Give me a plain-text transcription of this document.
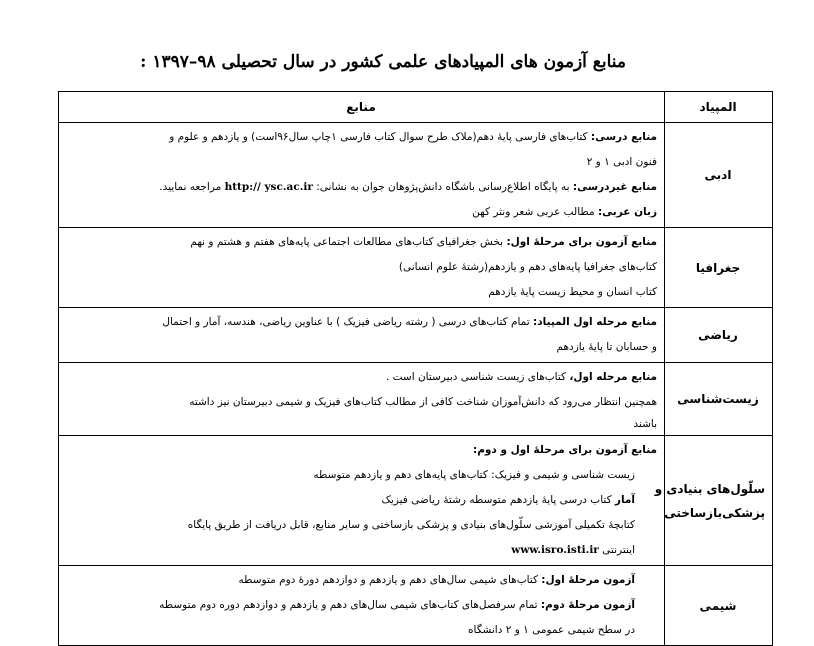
منابع آزمون های المپیادهای علمی کشور در سال تحصیلی ۹۸–۱۳۹۷ :
المپیاد	منابع
ادبی	منابع درسی: کتاب‌های فارسی پایهٔ دهم(ملاک طرح سوال کتاب فارسی ۱چاپ سال۹۶است) و یازدهم و علوم و
فنون ادبی ۱ و ۲
منابع غیردرسی: به پایگاه اطلاع‌رسانی باشگاه دانش‌پژوهان جوان به نشانی: http:// ysc.ac.ir مراجعه نمایید.
زبان عربی: مطالب عربی شعر ونثر کهن

جغرافیا	منابع آزمون برای مرحلهٔ اول: بخش جغرافیای کتاب‌های مطالعات اجتماعی پایه‌های هفتم و هشتم و نهم
کتاب‌های جغرافیا پایه‌های دهم و یازدهم(رشتهٔ علوم انسانی)
کتاب انسان و محیط زیست پایهٔ یازدهم

ریاضی	منابع مرحله اول المپیاد: تمام کتاب‌های درسی ( رشته ریاضی فیزیک ) با عناوین ریاضی، هندسه، آمار و احتمال
و حسابان تا پایهٔ یازدهم

زیست‌شناسی	منابع مرحله اول، کتاب‌های زیست شناسی دبیرستان است .
همچنین انتظار می‌رود که دانش‌آموزان شناخت کافی از مطالب کتاب‌های فیزیک و شیمی دبیرستان نیز داشته
باشند

سلّول‌های بنیادی و
پزشکی‌بازساختی	منابع آزمون برای مرحلهٔ اول و دوم:
زیست شناسی و شیمی و فیزیک: کتاب‌های پایه‌های دهم و یازدهم متوسطه
آمار کتاب درسی پایهٔ یازدهم متوسطه رشتهٔ ریاضی فیزیک
کتابچهٔ تکمیلی آموزشی سلّول‌های بنیادی و پزشکی بازساختی و سایر منابع، قابل دریافت از طریق پایگاه
اینترنتی www.isro.isti.ir

شیمی	آزمون مرحلهٔ اول: کتاب‌های شیمی سال‌های دهم و یازدهم و دوازدهم دورهٔ دوم متوسطه
آزمون مرحلهٔ دوم: تمام سرفصل‌های کتاب‌های شیمی سال‌های دهم و یازدهم و دوازدهم دوره دوم متوسطه
در سطح شیمی عمومی ۱ و ۲ دانشگاه
